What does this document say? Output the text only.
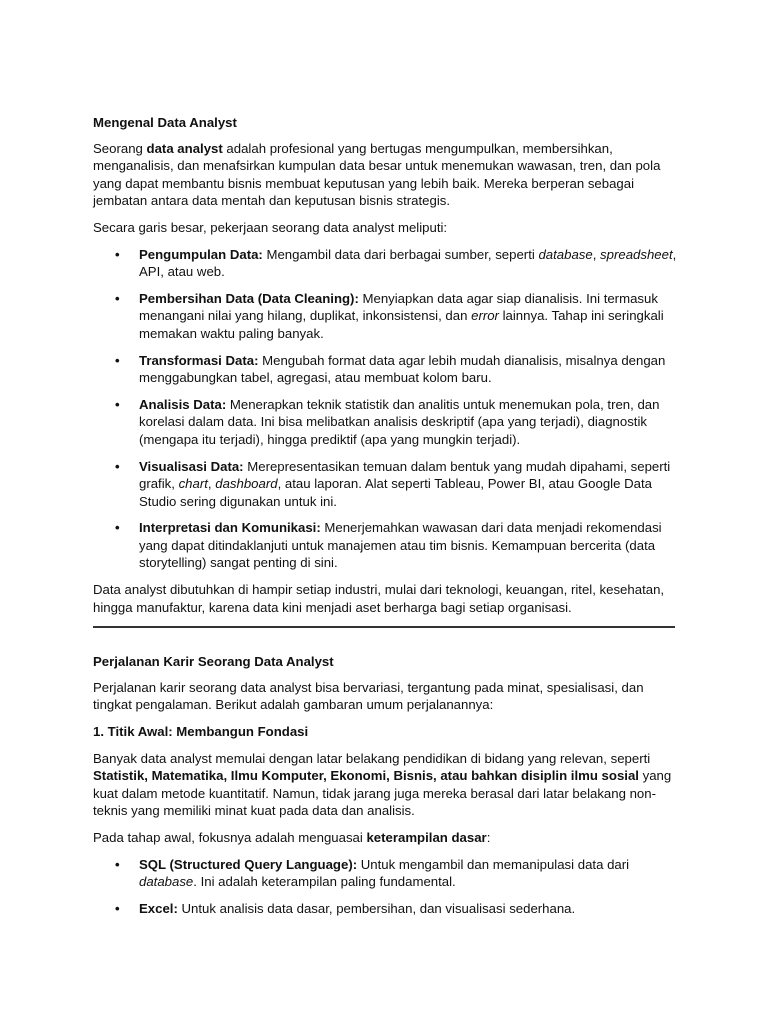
Mengenal Data Analyst

Seorang data analyst adalah profesional yang bertugas mengumpulkan, membersihkan, menganalisis, dan menafsirkan kumpulan data besar untuk menemukan wawasan, tren, dan pola yang dapat membantu bisnis membuat keputusan yang lebih baik. Mereka berperan sebagai jembatan antara data mentah dan keputusan bisnis strategis.

Secara garis besar, pekerjaan seorang data analyst meliputi:

• Pengumpulan Data: Mengambil data dari berbagai sumber, seperti database, spreadsheet, API, atau web.
• Pembersihan Data (Data Cleaning): Menyiapkan data agar siap dianalisis. Ini termasuk menangani nilai yang hilang, duplikat, inkonsistensi, dan error lainnya. Tahap ini seringkali memakan waktu paling banyak.
• Transformasi Data: Mengubah format data agar lebih mudah dianalisis, misalnya dengan menggabungkan tabel, agregasi, atau membuat kolom baru.
• Analisis Data: Menerapkan teknik statistik dan analitis untuk menemukan pola, tren, dan korelasi dalam data. Ini bisa melibatkan analisis deskriptif (apa yang terjadi), diagnostik (mengapa itu terjadi), hingga prediktif (apa yang mungkin terjadi).
• Visualisasi Data: Merepresentasikan temuan dalam bentuk yang mudah dipahami, seperti grafik, chart, dashboard, atau laporan. Alat seperti Tableau, Power BI, atau Google Data Studio sering digunakan untuk ini.
• Interpretasi dan Komunikasi: Menerjemahkan wawasan dari data menjadi rekomendasi yang dapat ditindaklanjuti untuk manajemen atau tim bisnis. Kemampuan bercerita (data storytelling) sangat penting di sini.

Data analyst dibutuhkan di hampir setiap industri, mulai dari teknologi, keuangan, ritel, kesehatan, hingga manufaktur, karena data kini menjadi aset berharga bagi setiap organisasi.

Perjalanan Karir Seorang Data Analyst

Perjalanan karir seorang data analyst bisa bervariasi, tergantung pada minat, spesialisasi, dan tingkat pengalaman. Berikut adalah gambaran umum perjalanannya:

1. Titik Awal: Membangun Fondasi

Banyak data analyst memulai dengan latar belakang pendidikan di bidang yang relevan, seperti Statistik, Matematika, Ilmu Komputer, Ekonomi, Bisnis, atau bahkan disiplin ilmu sosial yang kuat dalam metode kuantitatif. Namun, tidak jarang juga mereka berasal dari latar belakang non-teknis yang memiliki minat kuat pada data dan analisis.

Pada tahap awal, fokusnya adalah menguasai keterampilan dasar:

• SQL (Structured Query Language): Untuk mengambil dan memanipulasi data dari database. Ini adalah keterampilan paling fundamental.
• Excel: Untuk analisis data dasar, pembersihan, dan visualisasi sederhana.
